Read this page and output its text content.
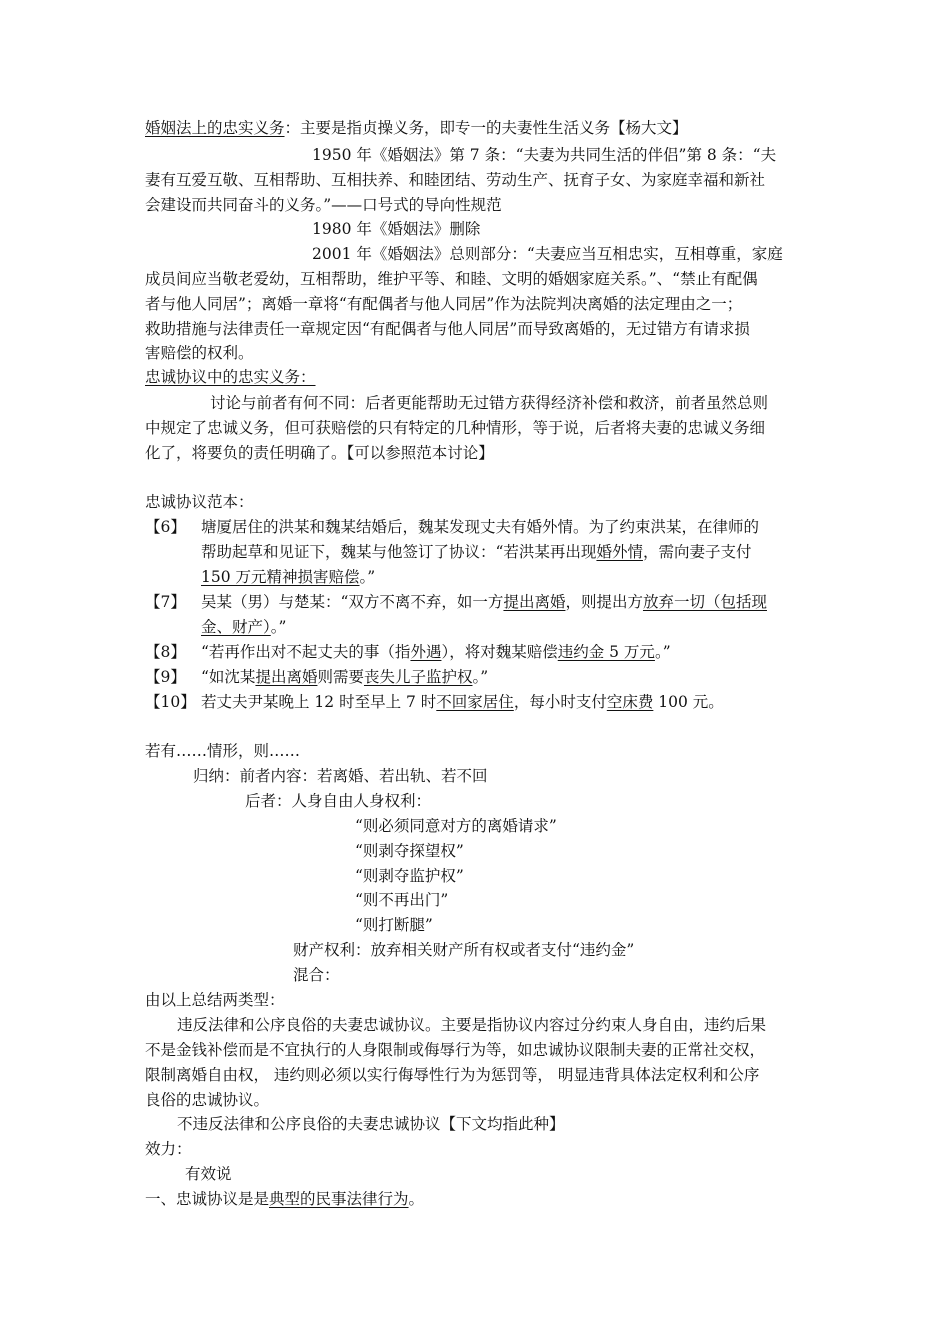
婚姻法上的忠实义务：主要是指贞操义务，即专一的夫妻性生活义务【杨大文】
1950 年《婚姻法》第 7 条：“夫妻为共同生活的伴侣”第 8 条：“夫
妻有互爱互敬、互相帮助、互相扶养、和睦团结、劳动生产、抚育子女、为家庭幸福和新社
会建设而共同奋斗的义务。”——口号式的导向性规范
1980 年《婚姻法》删除
2001 年《婚姻法》总则部分：“夫妻应当互相忠实，互相尊重，家庭
成员间应当敬老爱幼，互相帮助，维护平等、和睦、文明的婚姻家庭关系。”、“禁止有配偶
者与他人同居”；离婚一章将“有配偶者与他人同居”作为法院判决离婚的法定理由之一；
救助措施与法律责任一章规定因“有配偶者与他人同居”而导致离婚的，无过错方有请求损
害赔偿的权利。
忠诚协议中的忠实义务：
讨论与前者有何不同：后者更能帮助无过错方获得经济补偿和救济，前者虽然总则
中规定了忠诚义务，但可获赔偿的只有特定的几种情形，等于说，后者将夫妻的忠诚义务细
化了，将要负的责任明确了。【可以参照范本讨论】
忠诚协议范本：
【6】 塘厦居住的洪某和魏某结婚后，魏某发现丈夫有婚外情。为了约束洪某，在律师的
帮助起草和见证下，魏某与他签订了协议：“若洪某再出现婚外情，需向妻子支付
150 万元精神损害赔偿。”
【7】 吴某（男）与楚某：“双方不离不弃，如一方提出离婚，则提出方放弃一切（包括现
金、财产）。”
【8】 “若再作出对不起丈夫的事（指外遇），将对魏某赔偿违约金 5 万元。”
【9】 “如沈某提出离婚则需要丧失儿子监护权。”
【10】 若丈夫尹某晚上 12 时至早上 7 时不回家居住，每小时支付空床费 100 元。
若有……情形，则……
归纳：前者内容：若离婚、若出轨、若不回
后者：人身自由人身权利：
“则必须同意对方的离婚请求”
“则剥夺探望权”
“则剥夺监护权”
“则不再出门”
“则打断腿”
财产权利：放弃相关财产所有权或者支付“违约金”
混合：
由以上总结两类型：
违反法律和公序良俗的夫妻忠诚协议。主要是指协议内容过分约束人身自由，违约后果
不是金钱补偿而是不宜执行的人身限制或侮辱行为等，如忠诚协议限制夫妻的正常社交权，
限制离婚自由权， 违约则必须以实行侮辱性行为为惩罚等， 明显违背具体法定权利和公序
良俗的忠诚协议。
不违反法律和公序良俗的夫妻忠诚协议【下文均指此种】
效力：
有效说
一、忠诚协议是是典型的民事法律行为。
